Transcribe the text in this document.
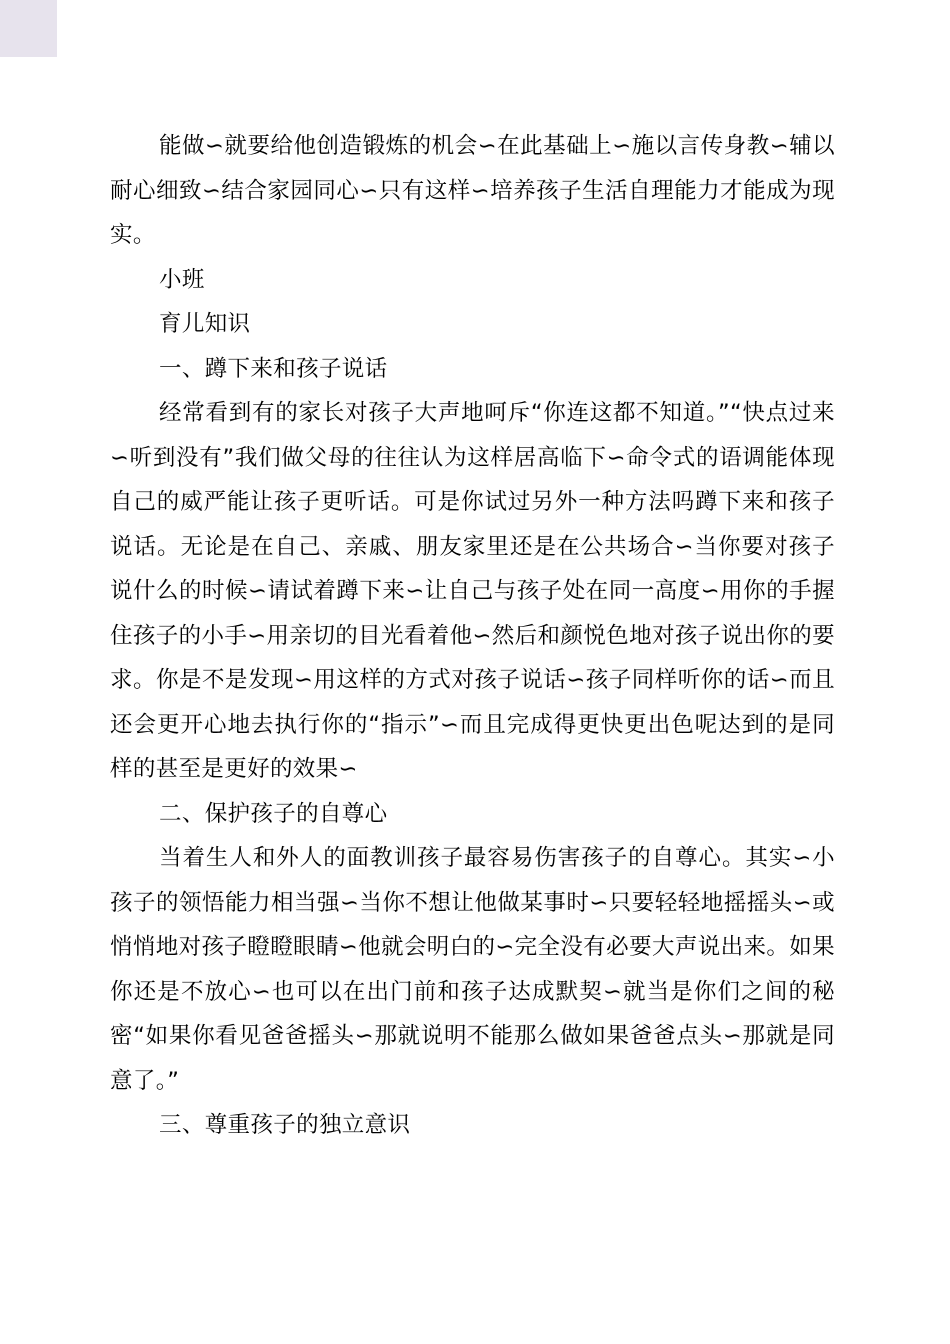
能做∽就要给他创造锻炼的机会∽在此基础上∽施以言传身教∽辅以耐心细致∽结合家园同心∽只有这样∽培养孩子生活自理能力才能成为现实。

小班

育儿知识

一、蹲下来和孩子说话

经常看到有的家长对孩子大声地呵斥“你连这都不知道。”“快点过来∽听到没有”我们做父母的往往认为这样居高临下∽命令式的语调能体现自己的威严能让孩子更听话。可是你试过另外一种方法吗蹲下来和孩子说话。无论是在自己、亲戚、朋友家里还是在公共场合∽当你要对孩子说什么的时候∽请试着蹲下来∽让自己与孩子处在同一高度∽用你的手握住孩子的小手∽用亲切的目光看着他∽然后和颜悦色地对孩子说出你的要求。你是不是发现∽用这样的方式对孩子说话∽孩子同样听你的话∽而且还会更开心地去执行你的“指示”∽而且完成得更快更出色呢达到的是同样的甚至是更好的效果∽

二、保护孩子的自尊心

当着生人和外人的面教训孩子最容易伤害孩子的自尊心。其实∽小孩子的领悟能力相当强∽当你不想让他做某事时∽只要轻轻地摇摇头∽或悄悄地对孩子瞪瞪眼睛∽他就会明白的∽完全没有必要大声说出来。如果你还是不放心∽也可以在出门前和孩子达成默契∽就当是你们之间的秘密“如果你看见爸爸摇头∽那就说明不能那么做如果爸爸点头∽那就是同意了。”

三、尊重孩子的独立意识
